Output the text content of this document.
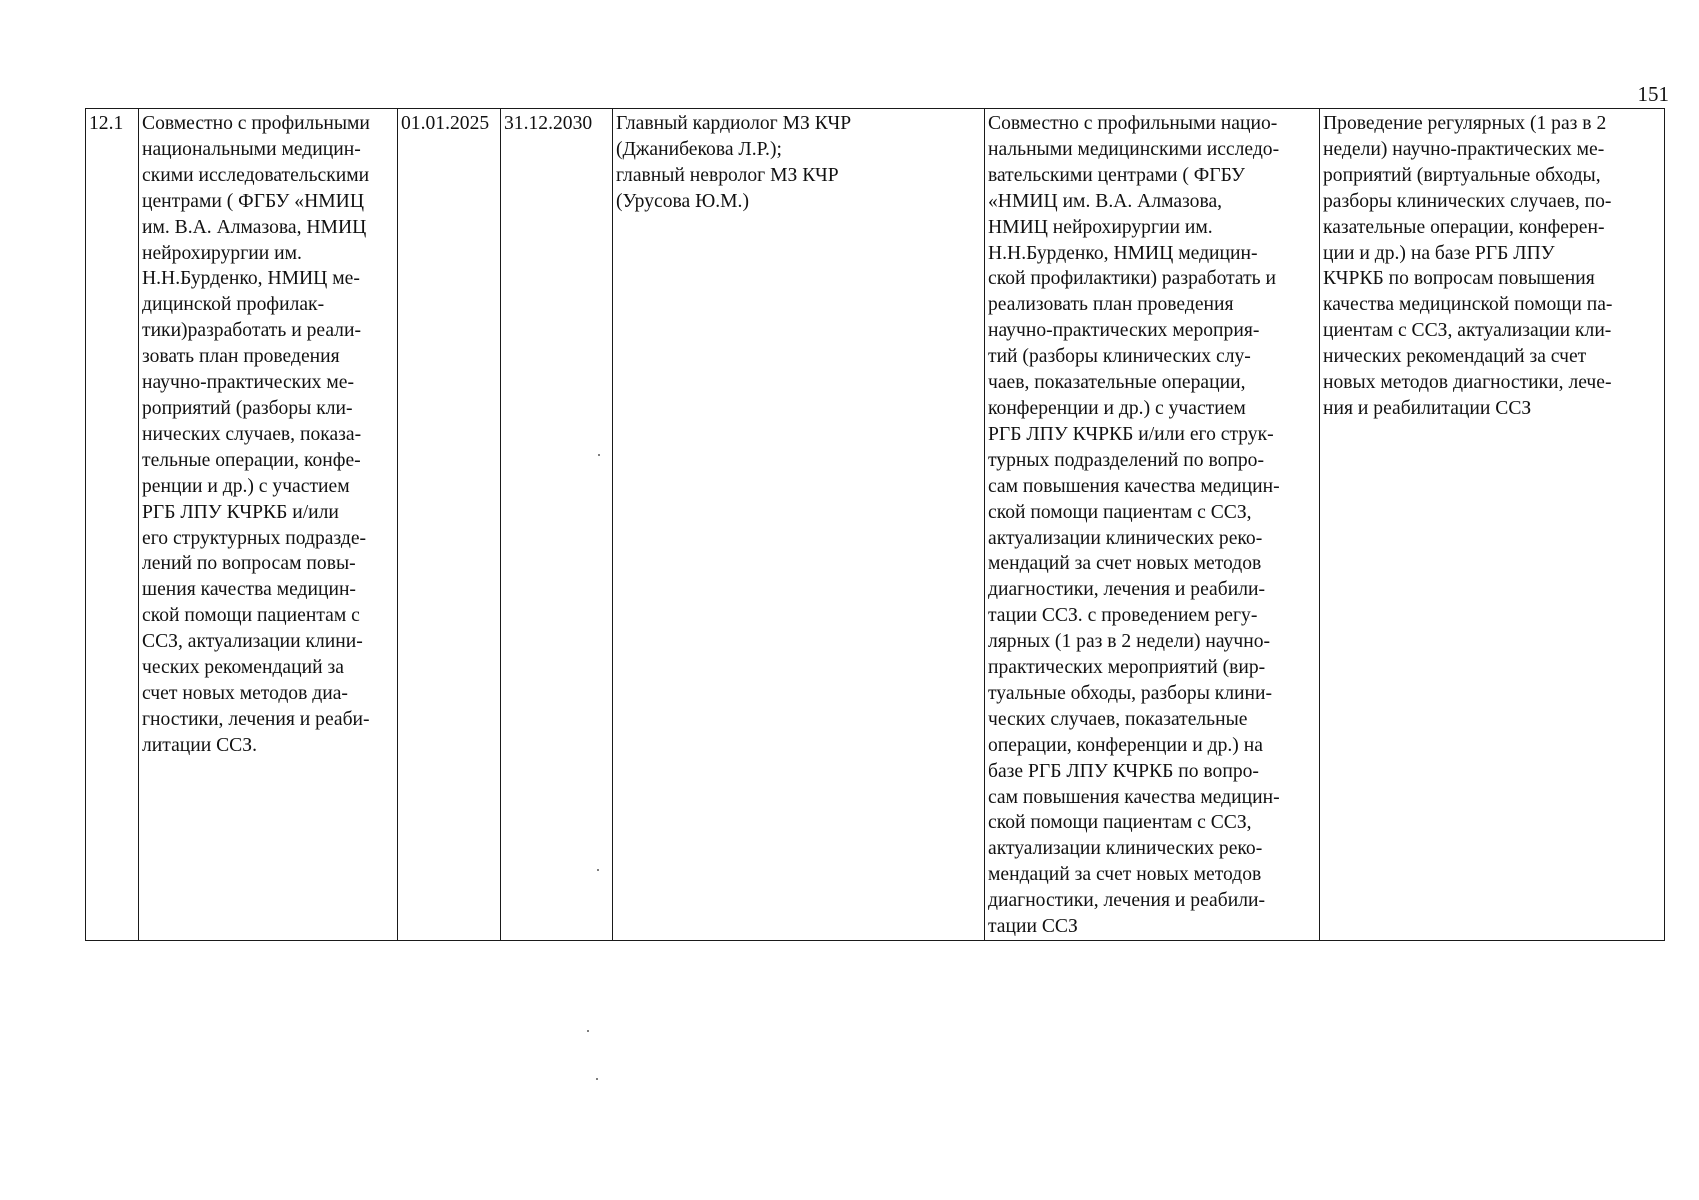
151
12.1	Совместно с профильными
национальными медицин-
скими исследовательскими
центрами ( ФГБУ «НМИЦ
им. В.А. Алмазова, НМИЦ
нейрохирургии им.
Н.Н.Бурденко, НМИЦ ме-
дицинской профилак-
тики)разработать и реали-
зовать план проведения
научно-практических ме-
роприятий (разборы кли-
нических случаев, показа-
тельные операции, конфе-
ренции и др.) с участием
РГБ ЛПУ КЧРКБ и/или
его структурных подразде-
лений по вопросам повы-
шения качества медицин-
ской помощи пациентам с
ССЗ, актуализации клини-
ческих рекомендаций за
счет новых методов диа-
гностики, лечения и реаби-
литации ССЗ.	01.01.2025	31.12.2030	Главный кардиолог МЗ КЧР
(Джанибекова Л.Р.);
главный невролог МЗ КЧР
(Урусова Ю.М.)	Совместно с профильными нацио-
нальными медицинскими исследо-
вательскими центрами ( ФГБУ
«НМИЦ им. В.А. Алмазова,
НМИЦ нейрохирургии им.
Н.Н.Бурденко, НМИЦ медицин-
ской профилактики) разработать и
реализовать план проведения
научно-практических мероприя-
тий (разборы клинических слу-
чаев, показательные операции,
конференции и др.) с участием
РГБ ЛПУ КЧРКБ и/или его струк-
турных подразделений по вопро-
сам повышения качества медицин-
ской помощи пациентам с ССЗ,
актуализации клинических реко-
мендаций за счет новых методов
диагностики, лечения и реабили-
тации ССЗ. с проведением регу-
лярных (1 раз в 2 недели) научно-
практических мероприятий (вир-
туальные обходы, разборы клини-
ческих случаев, показательные
операции, конференции и др.) на
базе РГБ ЛПУ КЧРКБ по вопро-
сам повышения качества медицин-
ской помощи пациентам с ССЗ,
актуализации клинических реко-
мендаций за счет новых методов
диагностики, лечения и реабили-
тации ССЗ	Проведение регулярных (1 раз в 2
недели) научно-практических ме-
роприятий (виртуальные обходы,
разборы клинических случаев, по-
казательные операции, конферен-
ции и др.) на базе РГБ ЛПУ
КЧРКБ по вопросам повышения
качества медицинской помощи па-
циентам с ССЗ, актуализации кли-
нических рекомендаций за счет
новых методов диагностики, лече-
ния и реабилитации ССЗ
